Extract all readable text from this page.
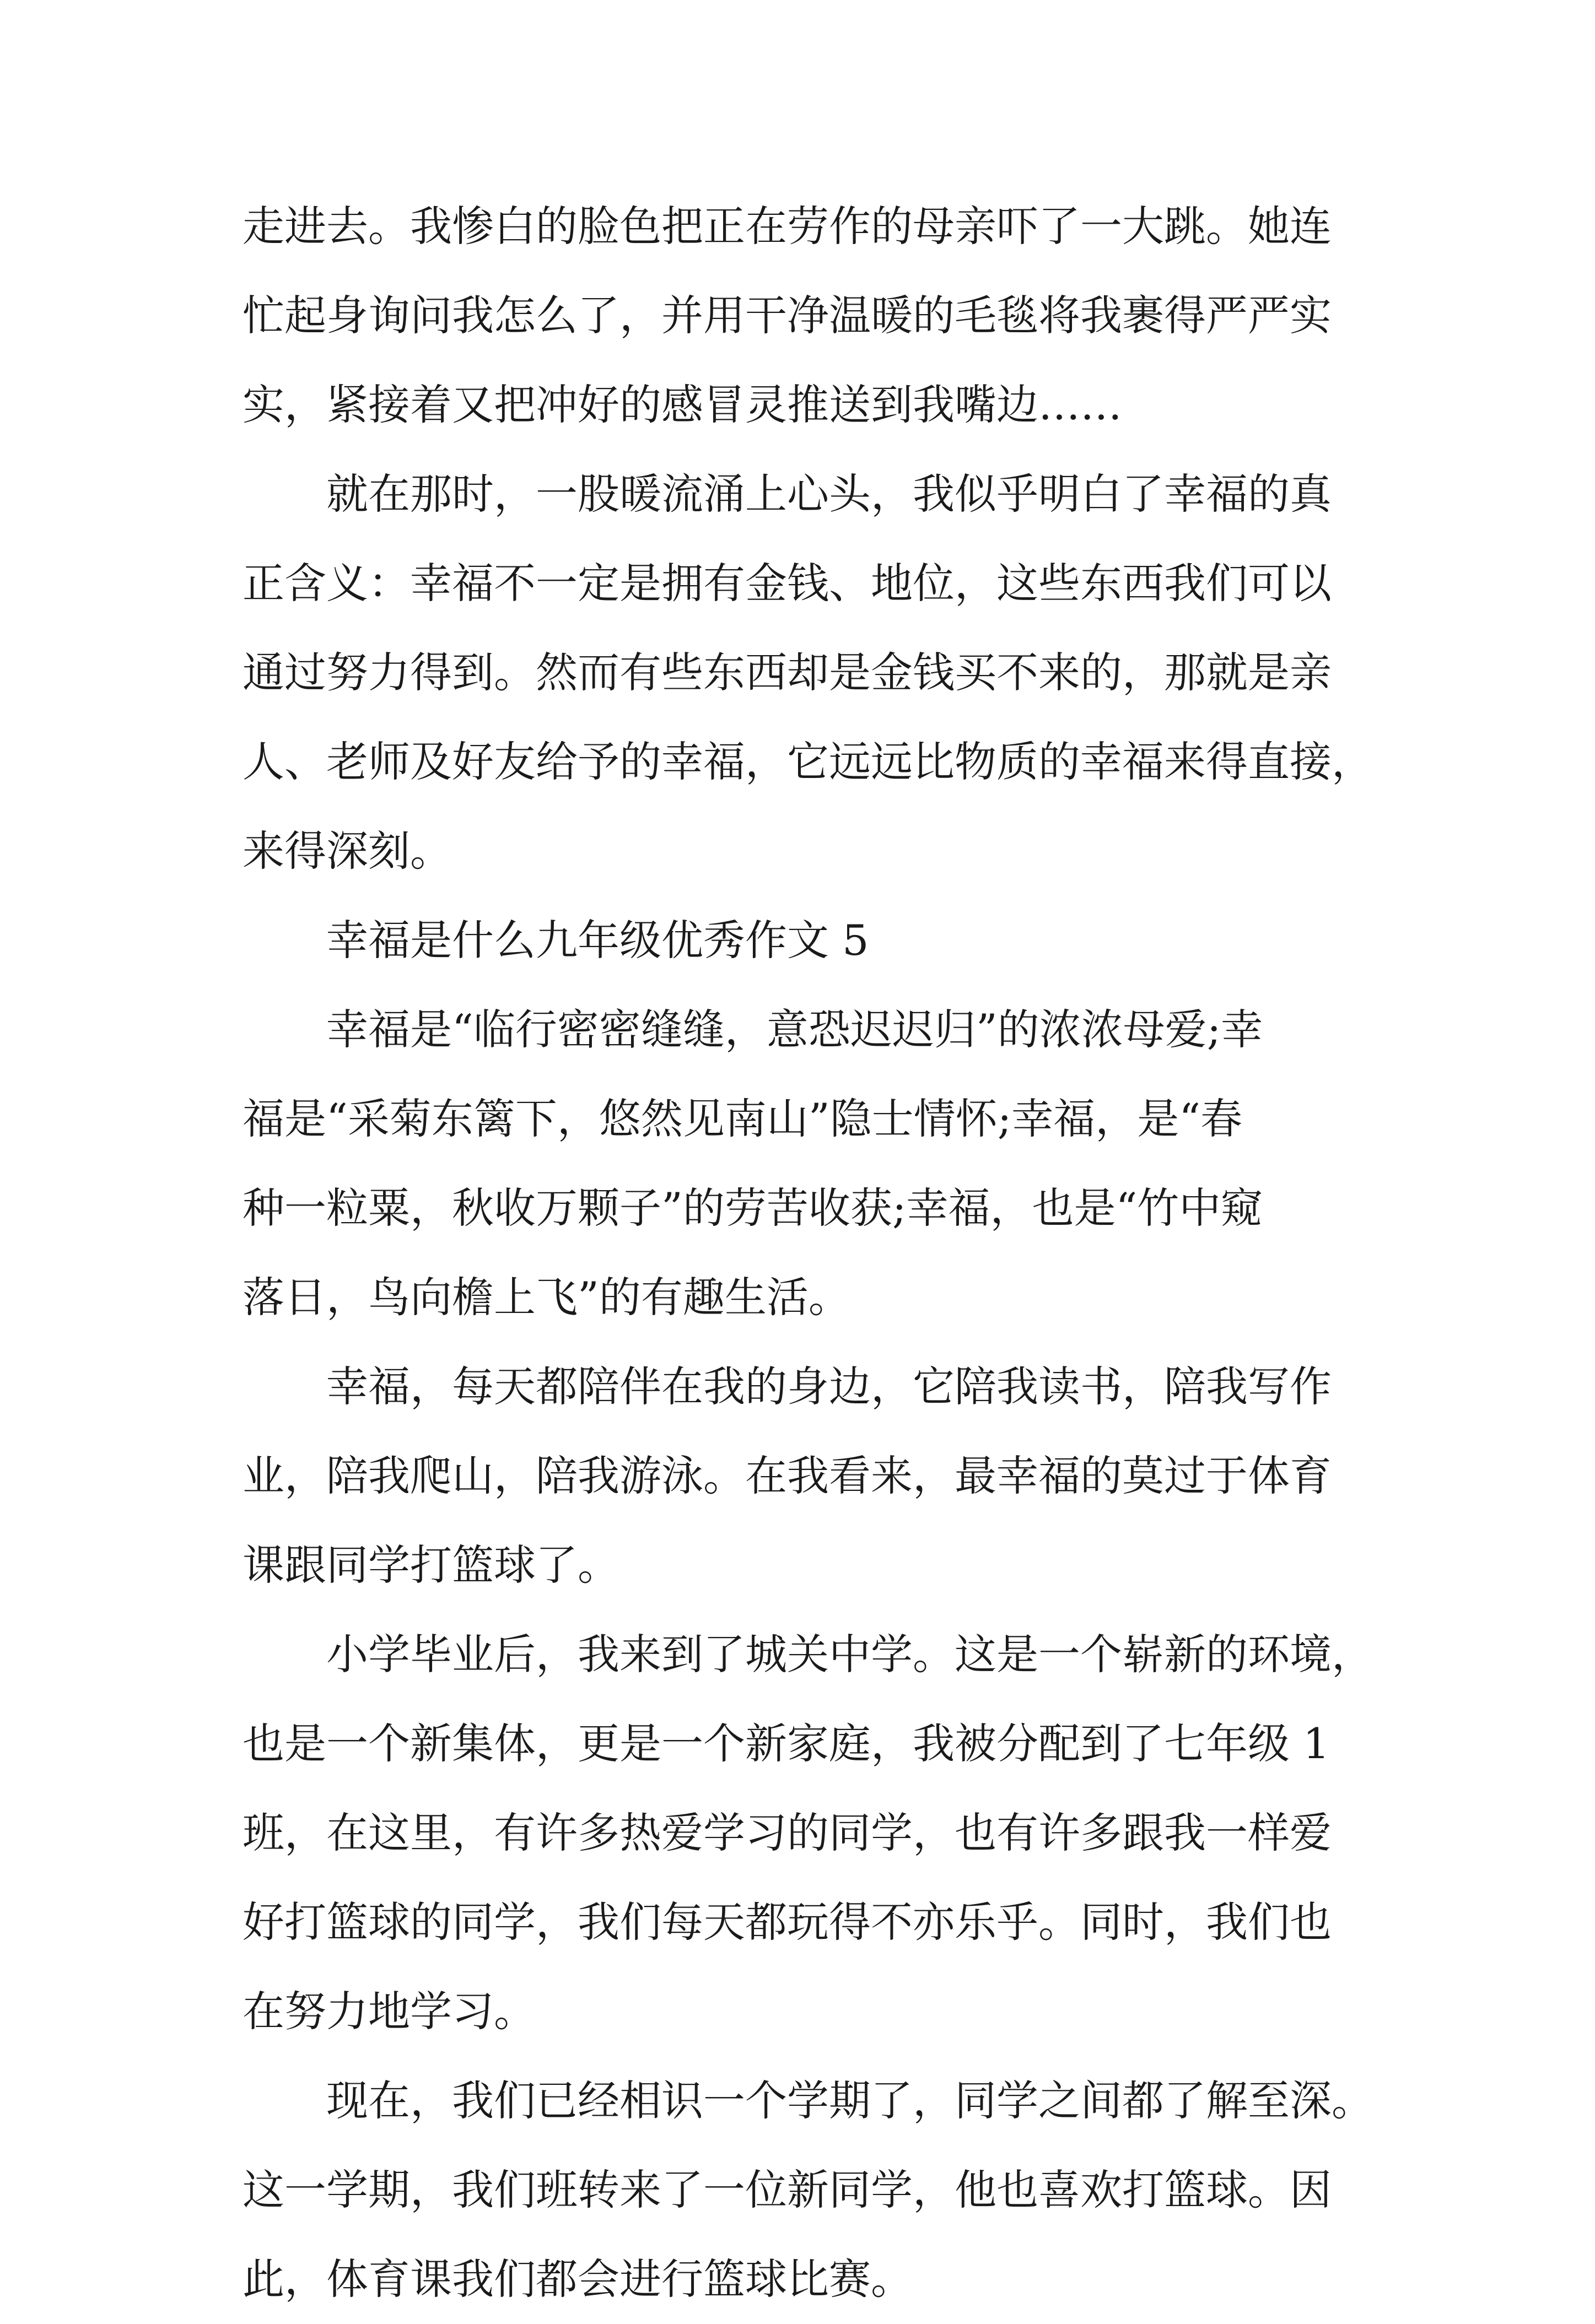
走进去。我惨白的脸色把正在劳作的母亲吓了一大跳。她连
忙起身询问我怎么了，并用干净温暖的毛毯将我裹得严严实
实，紧接着又把冲好的感冒灵推送到我嘴边……
就在那时，一股暖流涌上心头，我似乎明白了幸福的真
正含义：幸福不一定是拥有金钱、地位，这些东西我们可以
通过努力得到。然而有些东西却是金钱买不来的，那就是亲
人、老师及好友给予的幸福，它远远比物质的幸福来得直接，
来得深刻。
幸福是什么九年级优秀作文 5
幸福是“临行密密缝缝，意恐迟迟归”的浓浓母爱;幸
福是“采菊东篱下，悠然见南山”隐士情怀;幸福，是“春
种一粒粟，秋收万颗子”的劳苦收获;幸福，也是“竹中窥
落日，鸟向檐上飞”的有趣生活。
幸福，每天都陪伴在我的身边，它陪我读书，陪我写作
业，陪我爬山，陪我游泳。在我看来，最幸福的莫过于体育
课跟同学打篮球了。
小学毕业后，我来到了城关中学。这是一个崭新的环境，
也是一个新集体，更是一个新家庭，我被分配到了七年级 1
班，在这里，有许多热爱学习的同学，也有许多跟我一样爱
好打篮球的同学，我们每天都玩得不亦乐乎。同时，我们也
在努力地学习。
现在，我们已经相识一个学期了，同学之间都了解至深。
这一学期，我们班转来了一位新同学，他也喜欢打篮球。因
此，体育课我们都会进行篮球比赛。
